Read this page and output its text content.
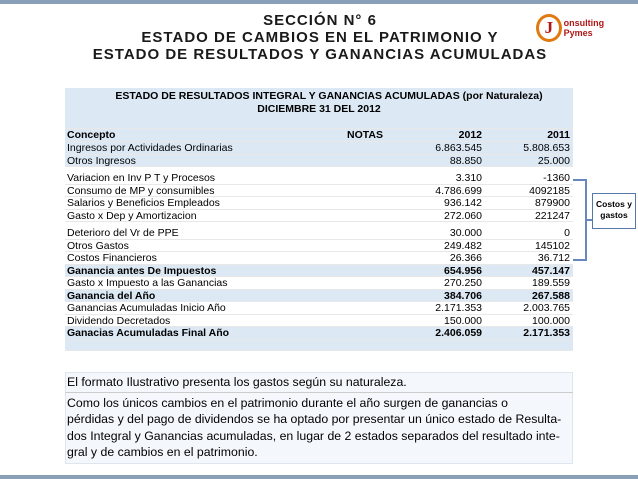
SECCIÓN N° 6
ESTADO DE CAMBIOS EN EL PATRIMONIO Y
ESTADO DE RESULTADOS Y GANANCIAS ACUMULADAS
J	onsulting Pymes
ESTADO DE RESULTADOS INTEGRAL Y GANANCIAS ACUMULADAS (por Naturaleza)
DICIEMBRE 31 DEL 2012
Concepto	NOTAS	2012	2011
Ingresos por Actividades Ordinarias	6.863.545	5.808.653
Otros Ingresos	88.850	25.000
Variacion en Inv P T y Procesos	3.310	-1360
Consumo de MP y consumibles	4.786.699	4092185
Salarios y Beneficios Empleados	936.142	879900
Gasto x Dep y Amortizacion	272.060	221247
Deterioro del Vr de PPE	30.000	0
Otros Gastos	249.482	145102
Costos Financieros	26.366	36.712
Ganancia antes De Impuestos	654.956	457.147
Gasto x Impuesto a las Ganancias	270.250	189.559
Ganancia del Año	384.706	267.588
Ganancias Acumuladas Inicio Año	2.171.353	2.003.765
Dividendo Decretados	150.000	100.000
Ganacias Acumuladas Final Año	2.406.059	2.171.353
Costos y
gastos
El formato Ilustrativo presenta los gastos según su naturaleza.
Como los únicos cambios en el patrimonio durante el año surgen de ganancias o
pérdidas y del pago de dividendos se ha optado por presentar un único estado de Resulta-
dos Integral y Ganancias acumuladas, en lugar de 2 estados separados del resultado inte-
gral y de cambios en el patrimonio.
